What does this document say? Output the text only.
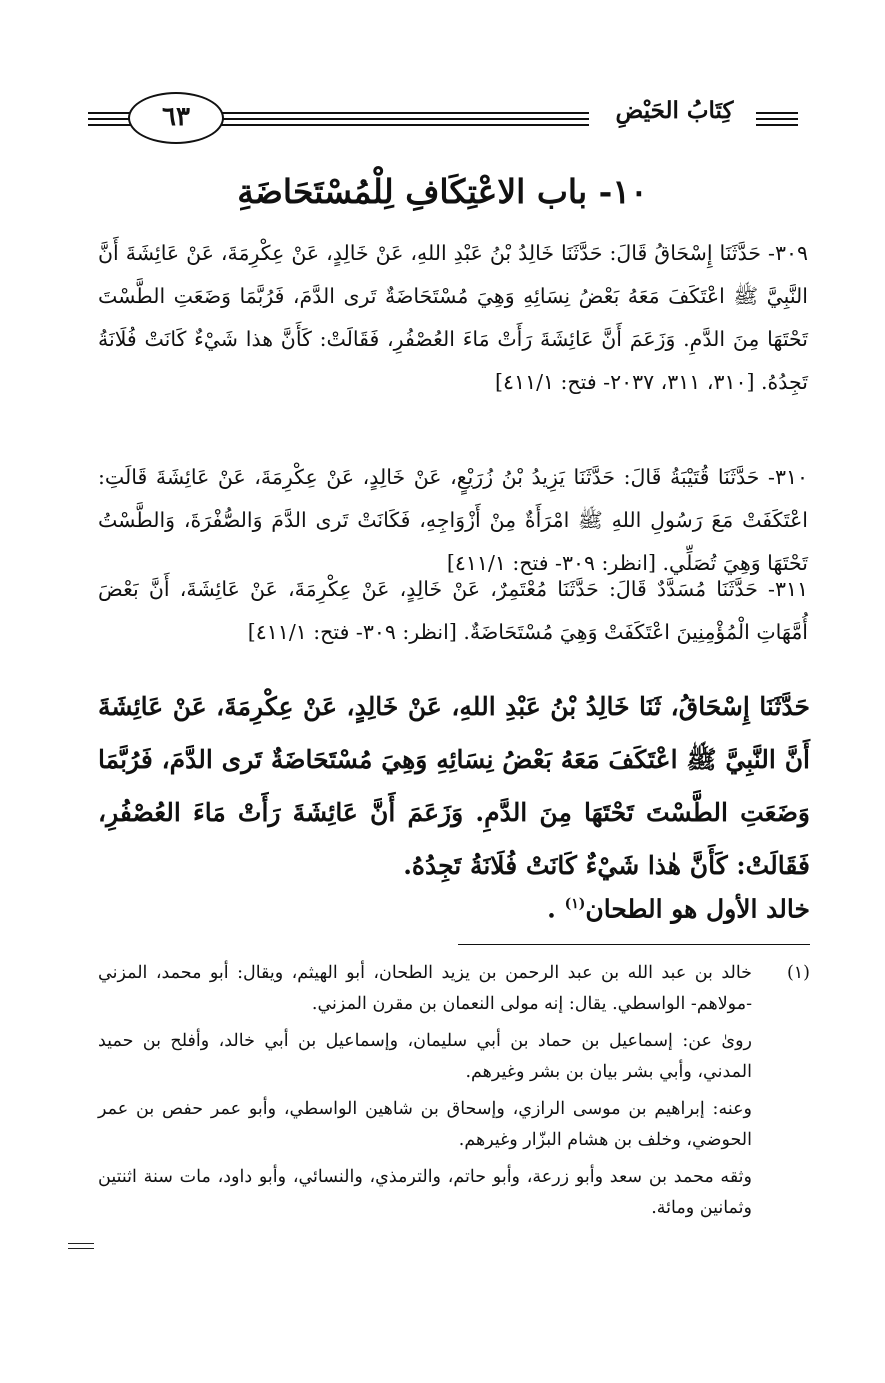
٦٣	كِتَابُ الحَيْضِ
١٠- باب الاعْتِكَافِ لِلْمُسْتَحَاضَةِ
٣٠٩- حَدَّثَنَا إِسْحَاقُ قَالَ: حَدَّثَنَا خَالِدُ بْنُ عَبْدِ اللهِ، عَنْ خَالِدٍ، عَنْ عِكْرِمَةَ، عَنْ عَائِشَةَ أَنَّ النَّبِيَّ ﷺ اعْتَكَفَ مَعَهُ بَعْضُ نِسَائِهِ وَهِيَ مُسْتَحَاضَةٌ تَرى الدَّمَ، فَرُبَّمَا وَضَعَتِ الطَّسْتَ تَحْتَهَا مِنَ الدَّمِ. وَزَعَمَ أَنَّ عَائِشَةَ رَأَتْ مَاءَ العُصْفُرِ، فَقَالَتْ: كَأَنَّ هذا شَيْءٌ كَانَتْ فُلَانَةُ تَجِدُهُ. [٣١٠، ٣١١، ٢٠٣٧- فتح: ٤١١/١]
٣١٠- حَدَّثَنَا قُتَيْبَةُ قَالَ: حَدَّثَنَا يَزِيدُ بْنُ زُرَيْعٍ، عَنْ خَالِدٍ، عَنْ عِكْرِمَةَ، عَنْ عَائِشَةَ قَالَتِ: اعْتَكَفَتْ مَعَ رَسُولِ اللهِ ﷺ امْرَأَةٌ مِنْ أَزْوَاجِهِ، فَكَانَتْ تَرى الدَّمَ وَالصُّفْرَةَ، وَالطَّسْتُ تَحْتَهَا وَهِيَ تُصَلِّي. [انظر: ٣٠٩- فتح: ٤١١/١]
٣١١- حَدَّثَنَا مُسَدَّدٌ قَالَ: حَدَّثَنَا مُعْتَمِرٌ، عَنْ خَالِدٍ، عَنْ عِكْرِمَةَ، عَنْ عَائِشَةَ، أَنَّ بَعْضَ أُمَّهَاتِ الْمُؤْمِنِينَ اعْتَكَفَتْ وَهِيَ مُسْتَحَاضَةٌ. [انظر: ٣٠٩- فتح: ٤١١/١]
حَدَّثَنَا إِسْحَاقُ، ثَنَا خَالِدُ بْنُ عَبْدِ اللهِ، عَنْ خَالِدٍ، عَنْ عِكْرِمَةَ، عَنْ عَائِشَةَ أَنَّ النَّبِيَّ ﷺ اعْتَكَفَ مَعَهُ بَعْضُ نِسَائِهِ وَهِيَ مُسْتَحَاضَةٌ تَرى الدَّمَ، فَرُبَّمَا وَضَعَتِ الطَّسْتَ تَحْتَهَا مِنَ الدَّمِ. وَزَعَمَ أَنَّ عَائِشَةَ رَأَتْ مَاءَ العُصْفُرِ، فَقَالَتْ: كَأَنَّ هٰذا شَيْءٌ كَانَتْ فُلَانَةُ تَجِدُهُ.
خالد الأول هو الطحان$^{(١)}$ .
(١)

خالد بن عبد الله بن عبد الرحمن بن يزيد الطحان، أبو الهيثم، ويقال: أبو محمد، المزني -مولاهم- الواسطي. يقال: إنه مولى النعمان بن مقرن المزني.

روىٰ عن: إسماعيل بن حماد بن أبي سليمان، وإسماعيل بن أبي خالد، وأفلح بن حميد المدني، وأبي بشر بيان بن بشر وغيرهم.

وعنه: إبراهيم بن موسى الرازي، وإسحاق بن شاهين الواسطي، وأبو عمر حفص بن عمر الحوضي، وخلف بن هشام البزّار وغيرهم.

وثقه محمد بن سعد وأبو زرعة، وأبو حاتم، والترمذي، والنسائي، وأبو داود، مات سنة اثنتين وثمانين ومائة.
